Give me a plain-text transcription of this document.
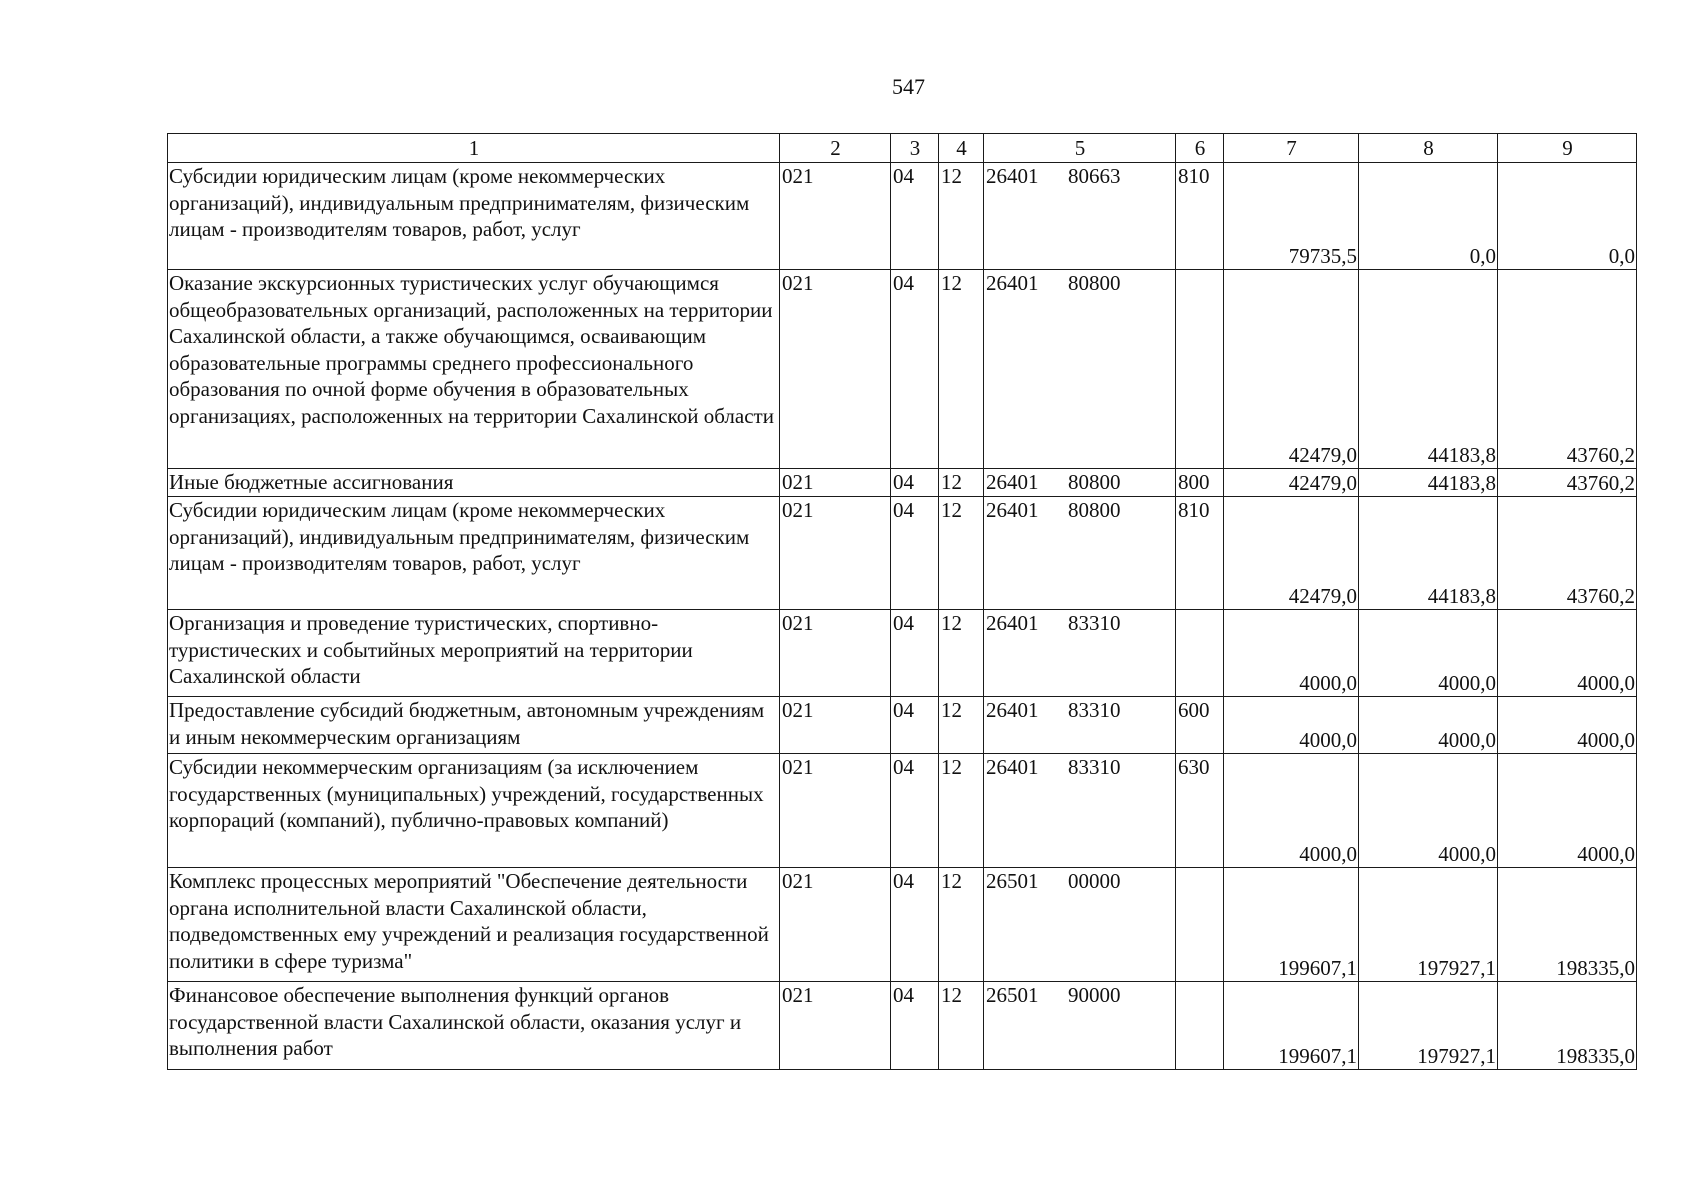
547
1	2	3	4	5	6	7	8	9
Субсидии юридическим лицам (кроме некоммерческих организаций), индивидуальным предпринимателям, физическим лицам - производителям товаров, работ, услуг	021	04	12	26401 80663	810	79735,5	0,0	0,0
Оказание экскурсионных туристических услуг обучающимся общеобразовательных организаций, расположенных на территории Сахалинской области, а также обучающимся, осваивающим образовательные программы среднего профессионального образования по очной форме обучения в образовательных организациях, расположенных на территории Сахалинской области	021	04	12	26401 80800		42479,0	44183,8	43760,2
Иные бюджетные ассигнования	021	04	12	26401 80800	800	42479,0	44183,8	43760,2
Субсидии юридическим лицам (кроме некоммерческих организаций), индивидуальным предпринимателям, физическим лицам - производителям товаров, работ, услуг	021	04	12	26401 80800	810	42479,0	44183,8	43760,2
Организация и проведение туристических, спортивно-туристических и событийных мероприятий на территории Сахалинской области	021	04	12	26401 83310		4000,0	4000,0	4000,0
Предоставление субсидий бюджетным, автономным учреждениям и иным некоммерческим организациям	021	04	12	26401 83310	600	4000,0	4000,0	4000,0
Субсидии некоммерческим организациям (за исключением государственных (муниципальных) учреждений, государственных корпораций (компаний), публично-правовых компаний)	021	04	12	26401 83310	630	4000,0	4000,0	4000,0
Комплекс процессных мероприятий "Обеспечение деятельности органа исполнительной власти Сахалинской области, подведомственных ему учреждений и реализация государственной политики в сфере туризма"	021	04	12	26501 00000		199607,1	197927,1	198335,0
Финансовое обеспечение выполнения функций органов государственной власти Сахалинской области, оказания услуг и выполнения работ	021	04	12	26501 90000		199607,1	197927,1	198335,0
